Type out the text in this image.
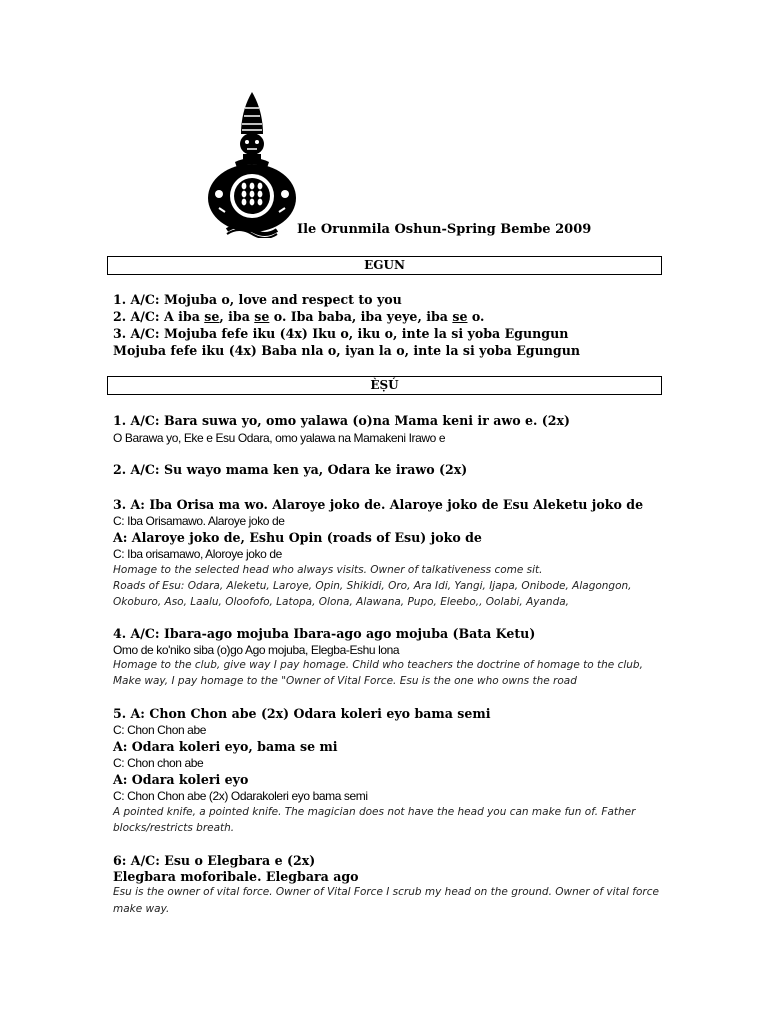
Ile Orunmila Oshun-Spring Bembe 2009
EGUN
1. A/C: Mojuba o, love and respect to you
2. A/C: A iba se, iba se o. Iba baba, iba yeye, iba se o.
3. A/C: Mojuba fefe iku (4x) Iku o, iku o, inte la si yoba Egungun
Mojuba fefe iku (4x) Baba nla o, iyan la o, inte la si yoba Egungun
ÈṢÚ
1. A/C: Bara suwa yo, omo yalawa (o)na Mama keni ir awo e. (2x)
O Barawa yo, Eke e Esu Odara, omo yalawa na Mamakeni Irawo e
2. A/C: Su wayo mama ken ya, Odara ke irawo (2x)
3. A: Iba Orisa ma wo. Alaroye joko de. Alaroye joko de Esu Aleketu joko de
C: Iba Orisamawo. Alaroye joko de
A: Alaroye joko de, Eshu Opin (roads of Esu) joko de
C: Iba orisamawo, Aloroye joko de
Homage to the selected head who always visits. Owner of talkativeness come sit.
Roads of Esu: Odara, Aleketu, Laroye, Opin, Shikidi, Oro, Ara Idi, Yangi, Ijapa, Onibode, Alagongon,
Okoburo, Aso, Laalu, Oloofofo, Latopa, Olona, Alawana, Pupo, Eleebo,, Oolabi, Ayanda,
4. A/C: Ibara-ago mojuba Ibara-ago ago mojuba (Bata Ketu)
Omo de ko'niko siba (o)go Ago mojuba, Elegba-Eshu lona
Homage to the club, give way I pay homage. Child who teachers the doctrine of homage to the club,
Make way, I pay homage to the "Owner of Vital Force. Esu is the one who owns the road
5. A: Chon Chon abe (2x) Odara koleri eyo bama semi
C: Chon Chon abe
A: Odara koleri eyo, bama se mi
C: Chon chon abe
A: Odara koleri eyo
C: Chon Chon abe (2x) Odarakoleri eyo bama semi
A pointed knife, a pointed knife. The magician does not have the head you can make fun of. Father
blocks/restricts breath.
6: A/C: Esu o Elegbara e (2x)
Elegbara moforibale. Elegbara ago
Esu is the owner of vital force. Owner of Vital Force I scrub my head on the ground. Owner of vital force
make way.
